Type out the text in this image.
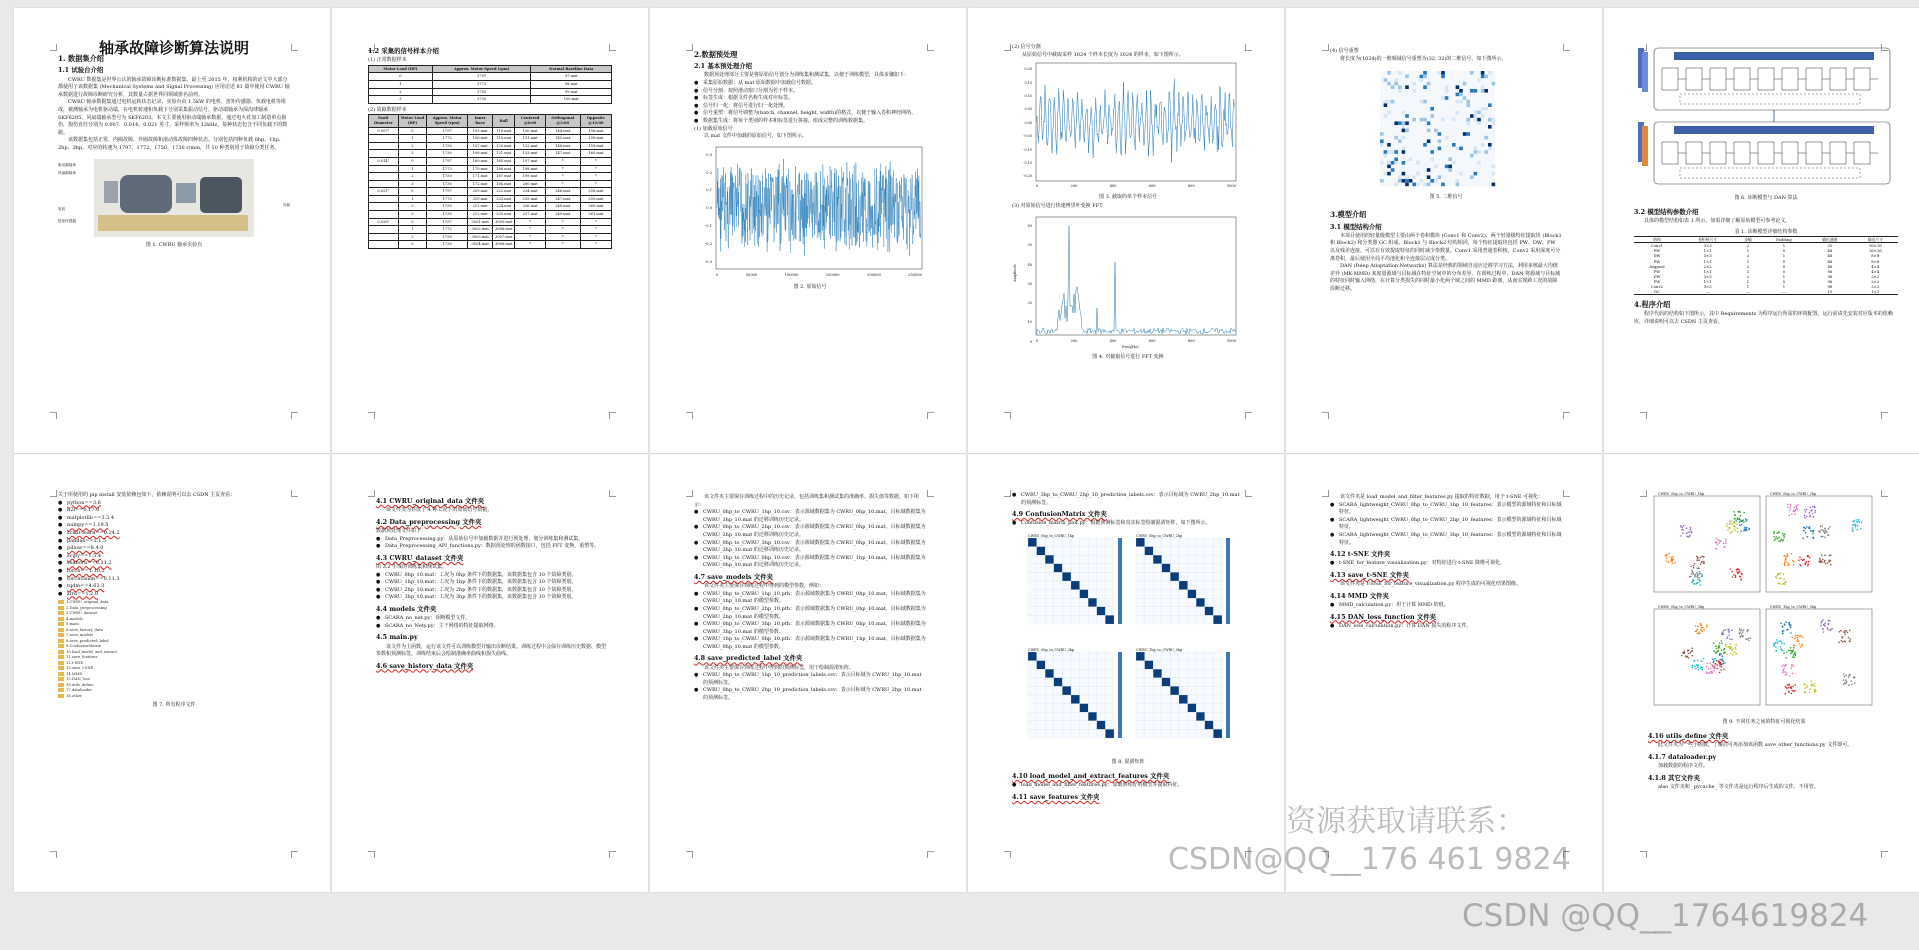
轴承故障诊断算法说明
1. 数据集介绍
1.1 试验台介绍
CWRU 数据集是世界公认的轴承故障诊断标准数据集。最上至 2015 年，权利机构的论文中大部分都使用了该数据集 (Mechanical Systems and Signal Processing) 应用论述 81 篇中使用 CWRU 轴承数据进行故障诊断研究分析，其数量占据世界同领域排名前列。
CWRU 轴承数据集通过电机运转状态记录，实验台由 1.5kW 的电机、扭矩传感器、负载电机等组成，被测轴承为电机驱动端，在电机转速和负载下分别采集振动信号。驱动端轴承为深沟球轴承 SKF6205，风扇端轴承型号为 SKF6203。本文主要使用驱动端轴承数据，通过电火花加工制造单点损伤，损伤直径分别为 0.007、0.014、0.021 英寸，采样频率为 12kHz，每种状态包含不同负载下的数据。
该数据集包括正常、内圈故障、外圈故障和滚动体故障四种状态。分别包括四种负载 0hp、1hp、2hp、3hp，对应的转速为 1797、1772、1750、1730 r/min，共 10 种类别用于故障分类任务。
驱动端轴承
风扇端轴承
电机
扭矩传感器
负载
图 1. CWRU 轴承实验台
1.2 采集的信号样本介绍
(1) 正常数据样本
Motor Load (HP)	Approx. Motor Speed (rpm)	Normal Baseline Data
0	1797	97.mat
1	1772	98.mat
2	1750	99.mat
3	1730	100.mat
(2) 故障数据样本
Fault Diameter	Motor Load (HP)	Approx. Motor Speed (rpm)	Inner Race	Ball	Centered @6:00	Orthogonal @3:00	Opposite @12:00
0.007"	0	1797	105.mat	118.mat	130.mat	144.mat	156.mat
	1	1772	106.mat	119.mat	131.mat	145.mat	158.mat
	2	1750	107.mat	120.mat	132.mat	146.mat	159.mat
	3	1730	108.mat	121.mat	133.mat	147.mat	160.mat
0.014"	0	1797	169.mat	185.mat	197.mat	*	*
	1	1772	170.mat	186.mat	198.mat	*	*
	2	1750	171.mat	187.mat	199.mat	*	*
	3	1730	172.mat	188.mat	200.mat	*	*
0.021"	0	1797	209.mat	222.mat	234.mat	246.mat	258.mat
	1	1772	210.mat	223.mat	235.mat	247.mat	259.mat
	2	1750	211.mat	224.mat	236.mat	248.mat	260.mat
	3	1730	212.mat	225.mat	237.mat	249.mat	261.mat
0.028"	0	1797	3001.mat	3005.mat	*	*	*
	1	1772	3002.mat	3006.mat	*	*	*
	2	1750	3003.mat	3007.mat	*	*	*
	3	1730	3004.mat	3008.mat	*	*	*
2.数据预处理
2.1 基本预处理介绍
数据预处理部分主要是将原始信号划分为训练集和测试集，以便于训练模型，具体步骤如下：
● 采集原始数据：从 mat 原始数据中加载信号数据。
● 信号分割：按照滑动窗口分割为若干样本。
● 标签生成：根据文件名称生成对应标签。
● 信号归一化：将信号进行归一化处理。
● 信号重塑：将信号调整为(batch, channel, height, width)的格式，以便于输入卷积神经网络。
● 数据集生成：将每个类别的样本和标签进行拼接，组成完整的训练数据集。
(1) 加载原始信号
以 mat 文件中加载的原始信号，如下图所示。
0.3
0.2
0.1
0.0
-0.1
-0.2
-0.3
0	50000	100000	150000	200000	250000
图 2. 原始信号
(2) 信号分割
从原始信号中截取采样 1024 个样本长度为 1024 的样本，如下图所示。
0.20
0.15
0.10
0.05
0.00
-0.05
-0.10
-0.15
-0.20
0	200	400	600	800	1000
图 3. 截取的单个样本信号
(3) 对原始信号进行快速傅里叶变换 FFT
60
50
40
30
20
10
0
Amplitude
0	200	400	600	800	1000
Freq(Hz)
图 4. 对截取信号进行 FFT 变换
(4) 信号重塑
将长度为(1024)的一维频域信号重塑为(32, 32)的二维信号，如下图所示。
图 5. 二维信号
3.模型介绍
3.1 模型结构介绍
本项目使用的轻量级模型主要由两个卷积模块 (Conv1 和 Conv2)、两个轻量级特征提取块 (Block1 和 Block2) 和分类器 GC 组成。Block1 与 Block2 结构相同，每个特征提取块包括 PW、DW、PW 以及残差连接，可以在有效提取特征的同时减少参数量。Conv1 采用普通卷积核，Conv2 采用深度可分离卷积，最后使用全局平均池化和全连接层完成分类。
DAN (Deep Adaptation Networks) 算法是经典的领域自适应迁移学习方法，利用多核最大均值差异 (MK-MMD) 来度量源域与目标域在特征空间中的分布差异。在训练过程中，DAN 将源域与目标域的特征同时输入网络，在计算分类损失的同时最小化两个域之间的 MMD 距离，从而实现跨工况的故障诊断迁移。
图 6. 诊断模型与 DAN 算法
3.2 模型结构参数介绍
具体的模型结构如表 1 所示，如需详细了解原始模型可参考论文。
表 1. 诊断模型详细结构参数
结构	卷积核尺寸	步幅	Padding	输出通道	输出尺寸
Conv1	3×3	2	1	32	16×16
PW	1×1	1	0	48	16×16
DW	3×3	2	1	48	8×8
PW	1×1	1	0	48	8×8
Avgpool	2×2	2	0	48	4×4
PW	1×1	1	0	96	4×4
DW	3×3	2	1	96	2×2
PW	1×1	1	0	96	2×2
Conv2	3×3	1	1	96	2×2
GC	—	—	—	10	1×1
4.程序介绍
程序代码的结构如下图所示，其中 Requirements 为程序运行所需的环境配置，运行前请先安装对应版本的依赖库，详细说明可以去 CSDN 主页查看。
关于所使用的 pip install 安装依赖包如下，依赖说明可以去 CSDN 主页查看：
● python==3.6
● d2l==0.17.0
● matplotlib==3.3.4
● numpy==1.19.5
● scikit-learn==0.24.2
● pandas==1.1.5
● pillow==8.4.0
● scipy==1.5.4
● seaborn==0.11.2
● torch==1.10.2
● torchvision==0.11.3
● tqdm==4.62.3
● xlrd==1.2.0
1.CWRU_original_data
2.Data_preprocessing
3.CWRU_dataset
4.models
5.main
6.save_history_data
7.save_models
8.save_predicted_label
9.ConfusionMatrix
10.load_model_and_extract
11.save_features
12.t-SNE
13.save_t-SNE
14.MMD
15.DAN_loss
16.utils_define
17.dataloader
18.other
图 7. 所有程序文件
4.1 CWRU_original_data 文件夹
该文件夹为存放了 4 种工况下的原始信号数据。
4.2 Data_preprocessing 文件夹
数据预处理文件如下：
● Data_Preprocessing.py：从原始信号中加载数据并进行预处理，划分训练集和测试集。
● Data_Preprocessing_API_functions.py：数据预处理的函数接口，包括 FFT 变换、重塑等。
4.3 CWRU_dataset 文件夹
由 3.2 生成的训练集和测试集。
● CWRU_0hp_10.mat：工况为 0hp 条件下的数据集，该数据集包含 10 个故障类别。
● CWRU_1hp_10.mat：工况为 1hp 条件下的数据集，该数据集包含 10 个故障类别。
● CWRU_2hp_10.mat：工况为 2hp 条件下的数据集，该数据集包含 10 个故障类别。
● CWRU_3hp_10.mat：工况为 3hp 条件下的数据集，该数据集包含 10 个故障类别。
4.4 models 文件夹
● SCARA_no_net.py：诊断模型文件。
● SCARA_no_Nety.py：主干网络的特征提取网络。
4.5 main.py
该文件为主函数，运行该文件可以训练模型并输出诊断结果。训练过程中会保存训练历史数据、模型参数和预测标签，训练结束后会绘制准确率曲线和损失曲线。
4.6 save_history_data 文件夹
该文件夹主要保存训练过程中的历史记录，包括训练集和测试集的准确率、损失值等数据，如下所示：
● CWRU_0hp_to_CWRU_1hp_10.csv：表示源域数据集为 CWRU_0hp_10.mat，目标域数据集为 CWRU_1hp_10.mat 的迁移训练历史记录。
● CWRU_0hp_to_CWRU_2hp_10.csv：表示源域数据集为 CWRU_0hp_10.mat，目标域数据集为 CWRU_2hp_10.mat 的迁移训练历史记录。
● CWRU_0hp_to_CWRU_3hp_10.csv：表示源域数据集为 CWRU_0hp_10.mat，目标域数据集为 CWRU_3hp_10.mat 的迁移训练历史记录。
● CWRU_1hp_to_CWRU_0hp_10.csv：表示源域数据集为 CWRU_1hp_10.mat，目标域数据集为 CWRU_0hp_10.mat 的迁移训练历史记录。
4.7 save_models 文件夹
该文件夹主要保存训练过程中得到的模型参数，例如：
● CWRU_0hp_to_CWRU_1hp_10.pth：表示源域数据集为 CWRU_0hp_10.mat，目标域数据集为 CWRU_1hp_10.mat 的模型参数。
● CWRU_0hp_to_CWRU_2hp_10.pth：表示源域数据集为 CWRU_0hp_10.mat，目标域数据集为 CWRU_2hp_10.mat 的模型参数。
● CWRU_0hp_to_CWRU_3hp_10.pth：表示源域数据集为 CWRU_0hp_10.mat，目标域数据集为 CWRU_3hp_10.mat 的模型参数。
● CWRU_1hp_to_CWRU_0hp_10.pth：表示源域数据集为 CWRU_1hp_10.mat，目标域数据集为 CWRU_0hp_10.mat 的模型参数。
4.8 save_predicted_label 文件夹
该文件夹主要保存训练过程中得到的预测标签，用于绘制混淆矩阵。
● CWRU_0hp_to_CWRU_1hp_10_prediction_labels.csv：表示目标域为 CWRU_1hp_10.mat 的预测标签。
● CWRU_0hp_to_CWRU_2hp_10_prediction_labels.csv：表示目标域为 CWRU_2hp_10.mat 的预测标签。
● CWRU_3hp_to_CWRU_2hp_10_prediction_labels.csv：表示目标域为 CWRU_2hp_10.mat 的预测标签。
4.9 ConfusionMatrix 文件夹
● Confusion_matrix_plot.py：根据预测标签和真实标签绘制混淆矩阵，如下图所示。
CWRU_0hp_to_CWRU_1hp	CWRU_0hp_to_CWRU_2hp
CWRU_0hp_to_CWRU_3hp	CWRU_1hp_to_CWRU_0hp
图 8. 混淆矩阵
4.10 load_model_and_extract_features 文件夹
● load_model_and_filter_features.py：加载训练好的模型并提取特征。
4.11 save_features 文件夹
该文件夹是 load_model_and_filter_features.py 提取的特征数据，用于 t-SNE 可视化：
● SCARA_lightweight_CWRU_0hp_to_CWRU_1hp_10_features：表示模型的源域特征和目标域特征。
● SCARA_lightweight_CWRU_0hp_to_CWRU_2hp_10_features：表示模型的源域特征和目标域特征。
● SCARA_lightweight_CWRU_0hp_to_CWRU_3hp_10_features：表示模型的源域特征和目标域特征。
4.12 t-SNE 文件夹
● t-SNE_for_feature_visualization.py：对特征进行 t-SNE 降维可视化。
4.13 save_t-SNE 文件夹
该文件夹是 t-SNE_for_feature_visualization.py 程序生成的可视化结果图像。
4.14 MMD 文件夹
● MMD_calculation.py：用于计算 MMD 的值。
4.15 DAN_loss_function 文件夹
● DAN_loss_calculation.py：计算 DAN 损失的程序文件。
CWRU_0hp_to_CWRU_1hp	CWRU_0hp_to_CWRU_2hp
CWRU_0hp_to_CWRU_3hp	CWRU_1hp_to_CWRU_0hp
图 9. 不同任务之间的特征可视化结果
4.16 utils_define 文件夹
此文件夹为一些小函数，了解后可再添加该函数 save_other_functions.py 文件即可。
4.1.7 dataloader.py
加载数据的程序文件。
4.1.8 其它文件夹
also 文件夹和 _pycache_ 等文件夹是运行程序后生成的文件，不用管。
资源获取请联系：
CSDN@QQ__176 461 9824
CSDN @QQ__1764619824
